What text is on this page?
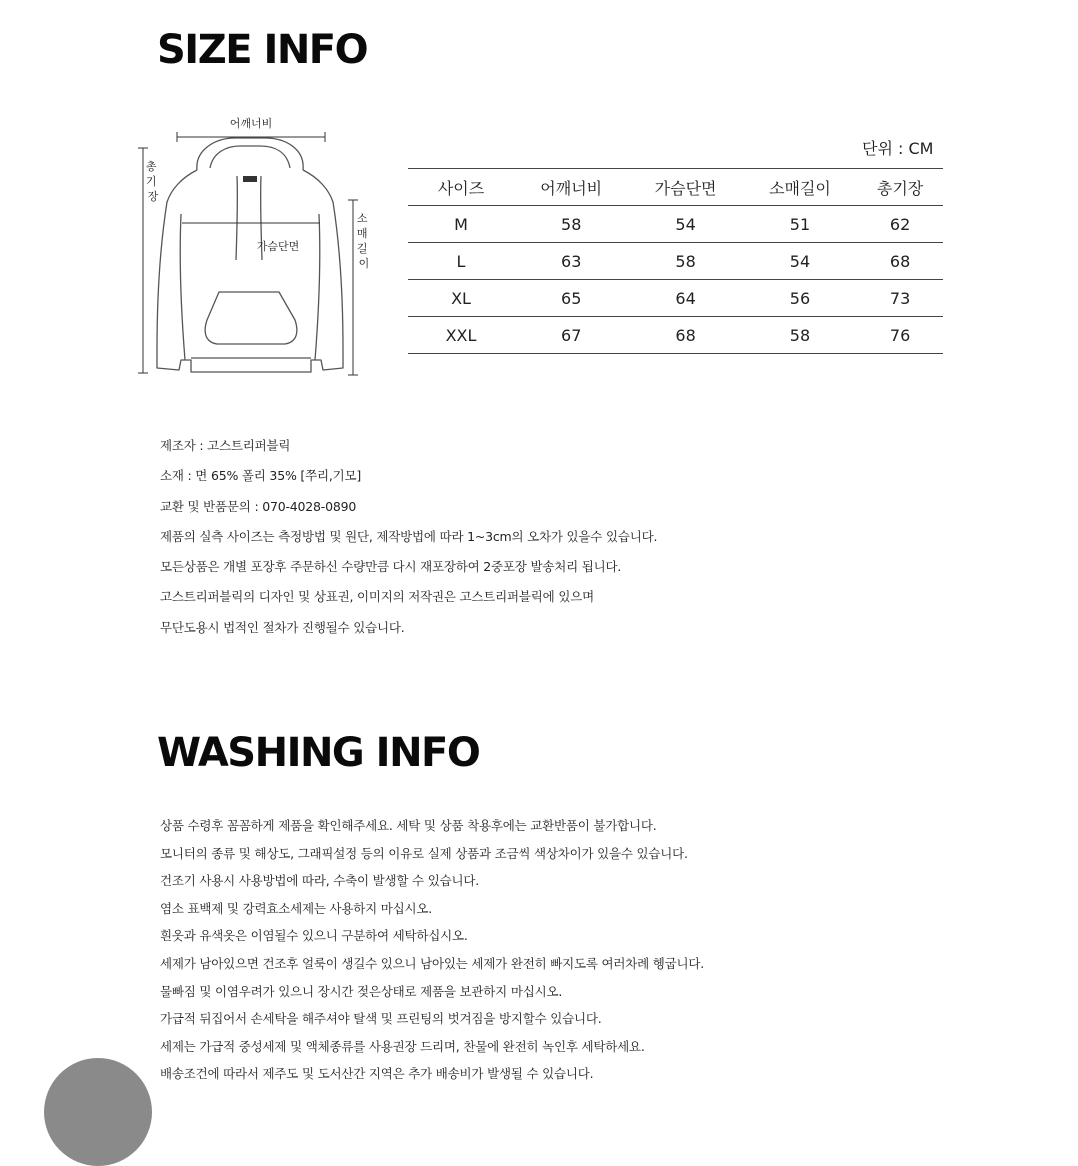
SIZE INFO
어깨너비
총 기 장
소 매 길 이
가슴단면
단위 : CM
사이즈	어깨너비	가슴단면	소매길이	총기장
M	58	54	51	62
L	63	58	54	68
XL	65	64	56	73
XXL	67	68	58	76
제조자 : 고스트리퍼블릭
소재 : 면 65% 폴리 35% [쭈리,기모]
교환 및 반품문의 : 070-4028-0890
제품의 실측 사이즈는 측정방법 및 원단, 제작방법에 따라 1~3cm의 오차가 있을수 있습니다.
모든상품은 개별 포장후 주문하신 수량만큼 다시 재포장하여 2중포장 발송처리 됩니다.
고스트리퍼블릭의 디자인 및 상표권, 이미지의 저작권은 고스트리퍼블릭에 있으며
무단도용시 법적인 절차가 진행될수 있습니다.
WASHING INFO
상품 수령후 꼼꼼하게 제품을 확인해주세요. 세탁 및 상품 착용후에는 교환반품이 불가합니다.
모니터의 종류 및 해상도, 그래픽설정 등의 이유로 실제 상품과 조금씩 색상차이가 있을수 있습니다.
건조기 사용시 사용방법에 따라, 수축이 발생할 수 있습니다.
염소 표백제 및 강력효소세제는 사용하지 마십시오.
흰옷과 유색옷은 이염될수 있으니 구분하여 세탁하십시오.
세제가 남아있으면 건조후 얼룩이 생길수 있으니 남아있는 세제가 완전히 빠지도록 여러차례 헹굽니다.
물빠짐 및 이염우려가 있으니 장시간 젖은상태로 제품을 보관하지 마십시오.
가급적 뒤집어서 손세탁을 해주셔야 탈색 및 프린팅의 벗겨짐을 방지할수 있습니다.
세제는 가급적 중성세제 및 액체종류를 사용권장 드리며, 찬물에 완전히 녹인후 세탁하세요.
배송조건에 따라서 제주도 및 도서산간 지역은 추가 배송비가 발생될 수 있습니다.
